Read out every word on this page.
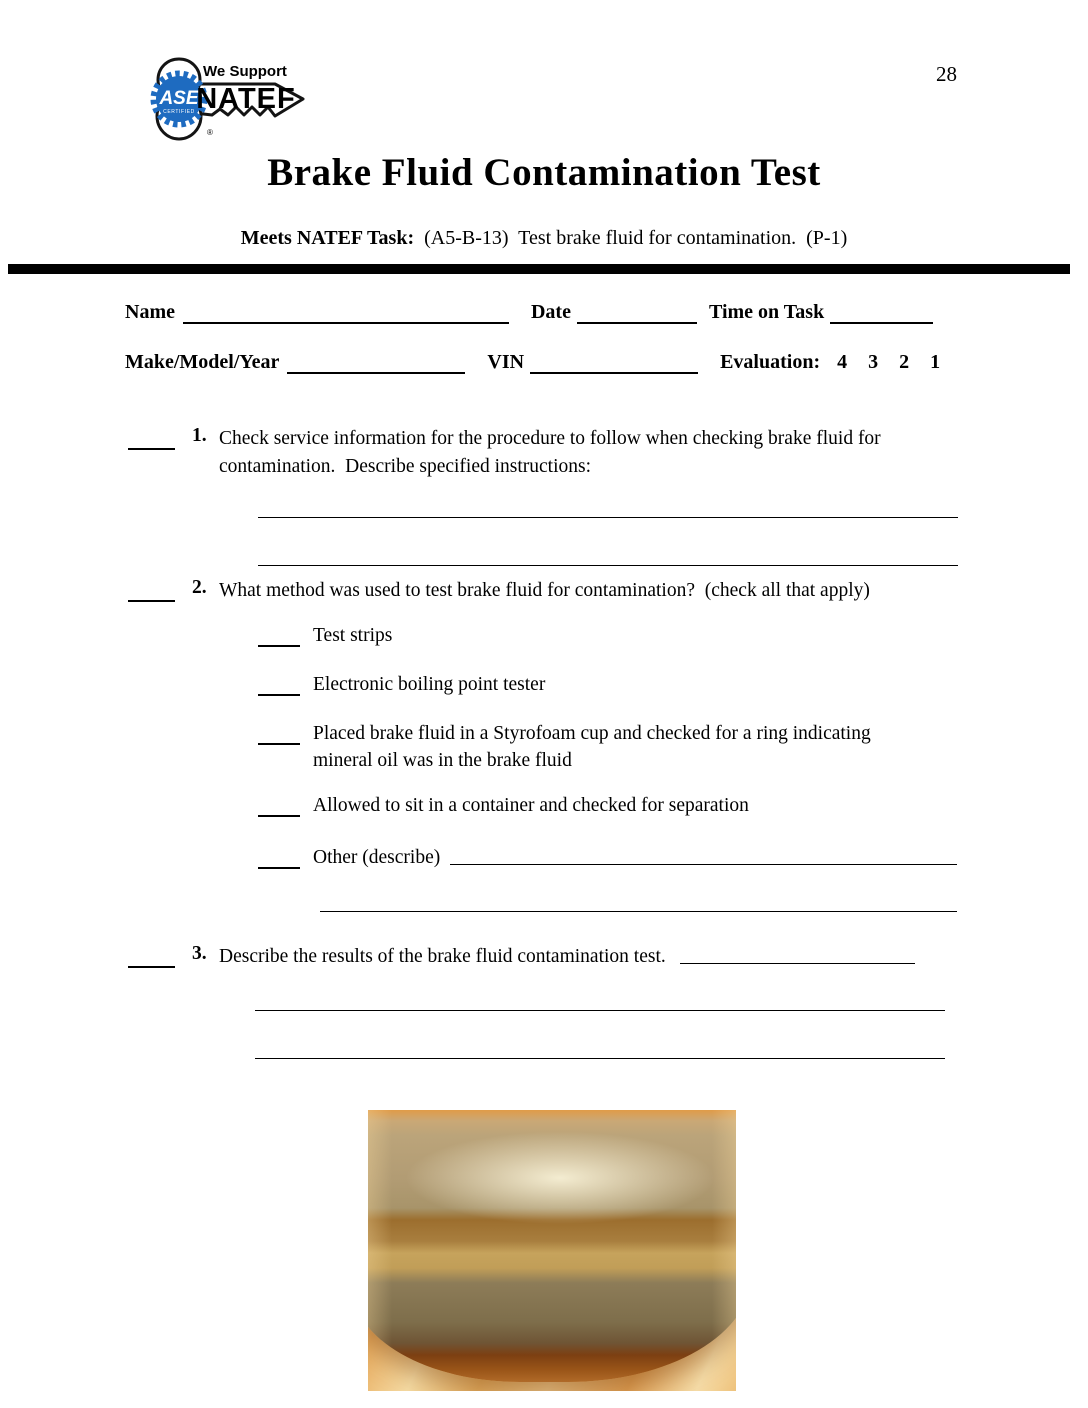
28
ASE
CERTIFIED
®
We Support
NATEF
Brake Fluid Contamination Test
Meets NATEF Task:  (A5-B-13)  Test brake fluid for contamination.  (P-1)
Name	Date	Time on Task
Make/Model/Year	VIN	Evaluation: 4 3 2 1
1. Check service information for the procedure to follow when checking brake fluid for contamination.  Describe specified instructions:
2. What method was used to test brake fluid for contamination?  (check all that apply)
Test strips
Electronic boiling point tester
Placed brake fluid in a Styrofoam cup and checked for a ring indicating mineral oil was in the brake fluid
Allowed to sit in a container and checked for separation
Other (describe)
3. Describe the results of the brake fluid contamination test.
